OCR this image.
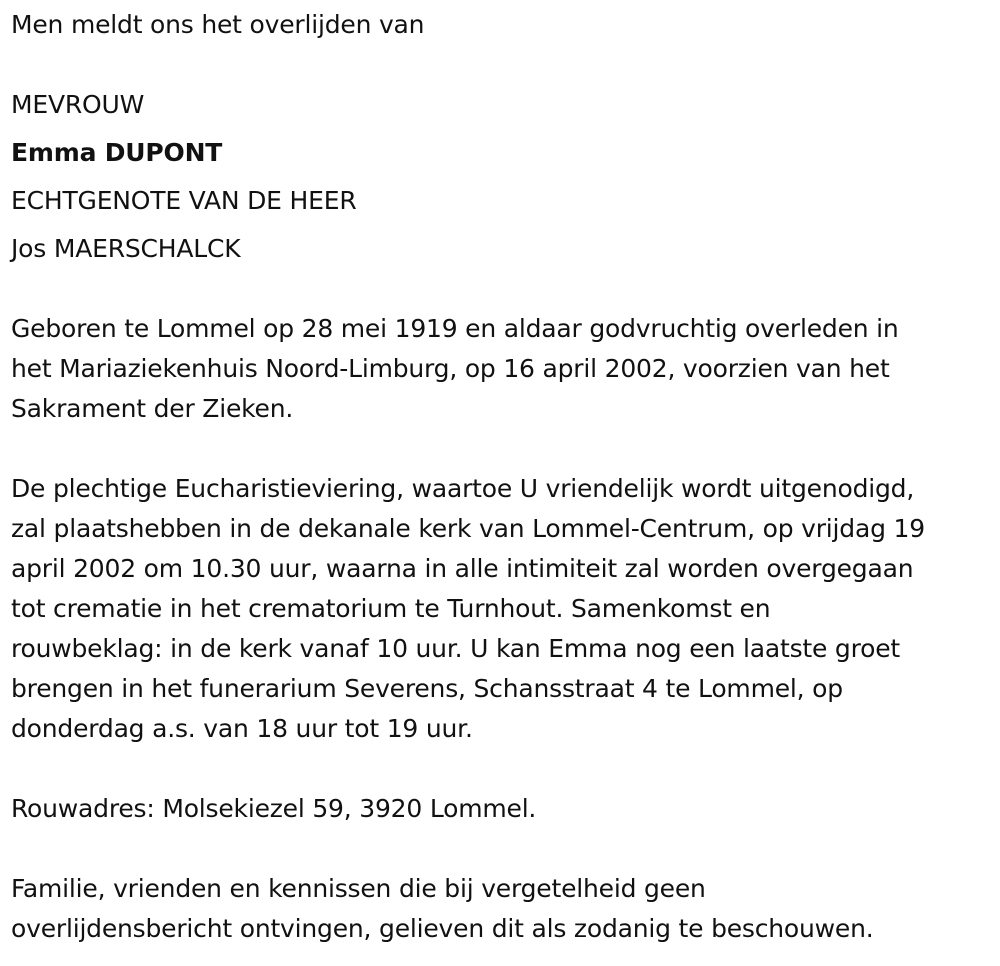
Men meldt ons het overlijden van
MEVROUW
Emma DUPONT
ECHTGENOTE VAN DE HEER
Jos MAERSCHALCK
Geboren te Lommel op 28 mei 1919 en aldaar godvruchtig overleden in
het Mariaziekenhuis Noord-Limburg, op 16 april 2002, voorzien van het
Sakrament der Zieken.
De plechtige Eucharistieviering, waartoe U vriendelijk wordt uitgenodigd,
zal plaatshebben in de dekanale kerk van Lommel-Centrum, op vrijdag 19
april 2002 om 10.30 uur, waarna in alle intimiteit zal worden overgegaan
tot crematie in het crematorium te Turnhout. Samenkomst en
rouwbeklag: in de kerk vanaf 10 uur. U kan Emma nog een laatste groet
brengen in het funerarium Severens, Schansstraat 4 te Lommel, op
donderdag a.s. van 18 uur tot 19 uur.
Rouwadres: Molsekiezel 59, 3920 Lommel.
Familie, vrienden en kennissen die bij vergetelheid geen
overlijdensbericht ontvingen, gelieven dit als zodanig te beschouwen.
